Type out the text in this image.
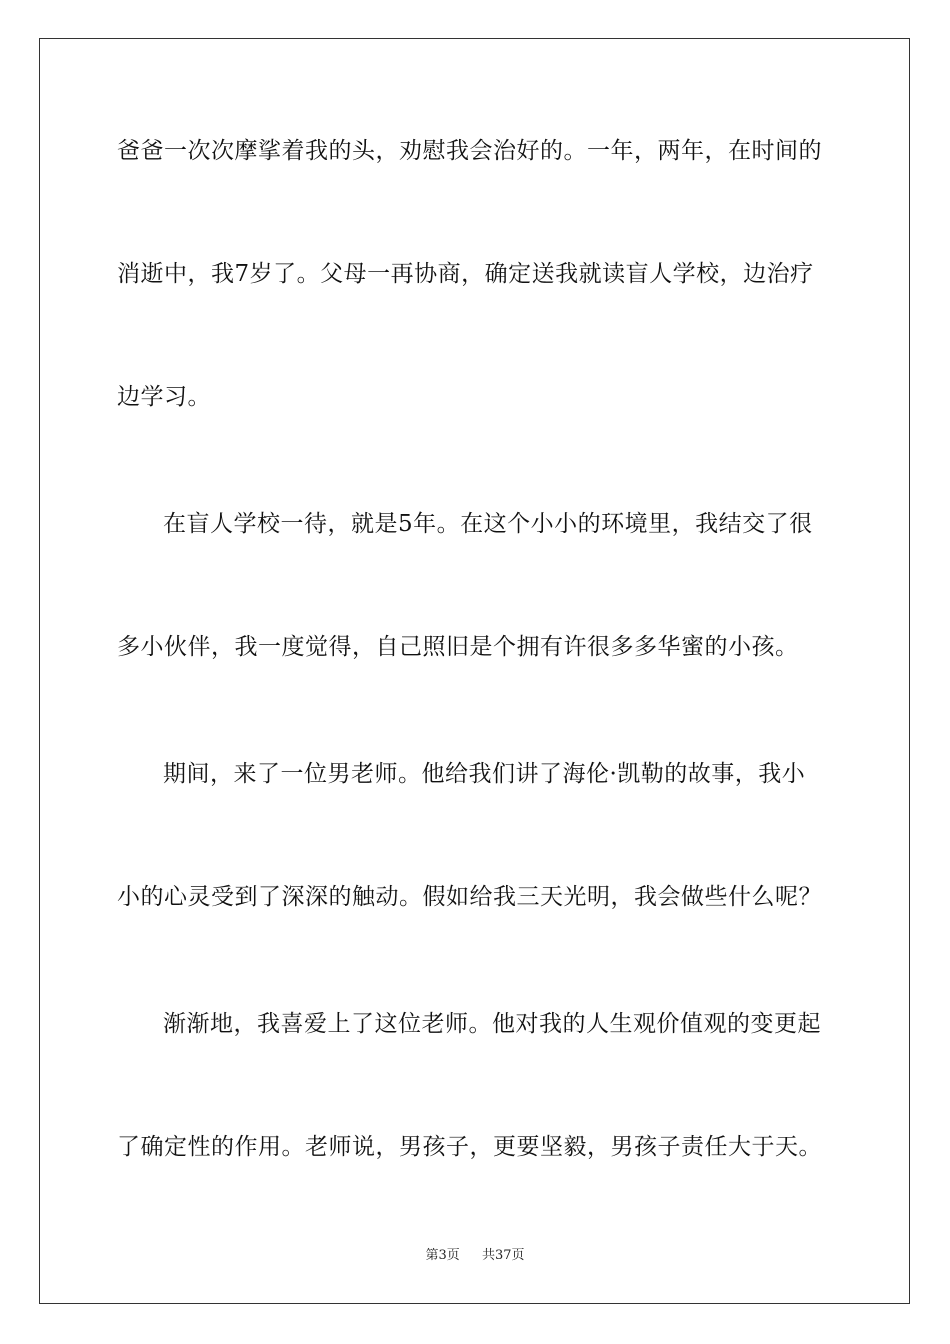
爸爸一次次摩挲着我的头，劝慰我会治好的。一年，两年，在时间的
消逝中，我7岁了。父母一再协商，确定送我就读盲人学校，边治疗
边学习。
在盲人学校一待，就是5年。在这个小小的环境里，我结交了很
多小伙伴，我一度觉得，自己照旧是个拥有许很多多华蜜的小孩。
期间，来了一位男老师。他给我们讲了海伦·凯勒的故事，我小
小的心灵受到了深深的触动。假如给我三天光明，我会做些什么呢？
渐渐地，我喜爱上了这位老师。他对我的人生观价值观的变更起
了确定性的作用。老师说，男孩子，更要坚毅，男孩子责任大于天。
第3页 共37页
